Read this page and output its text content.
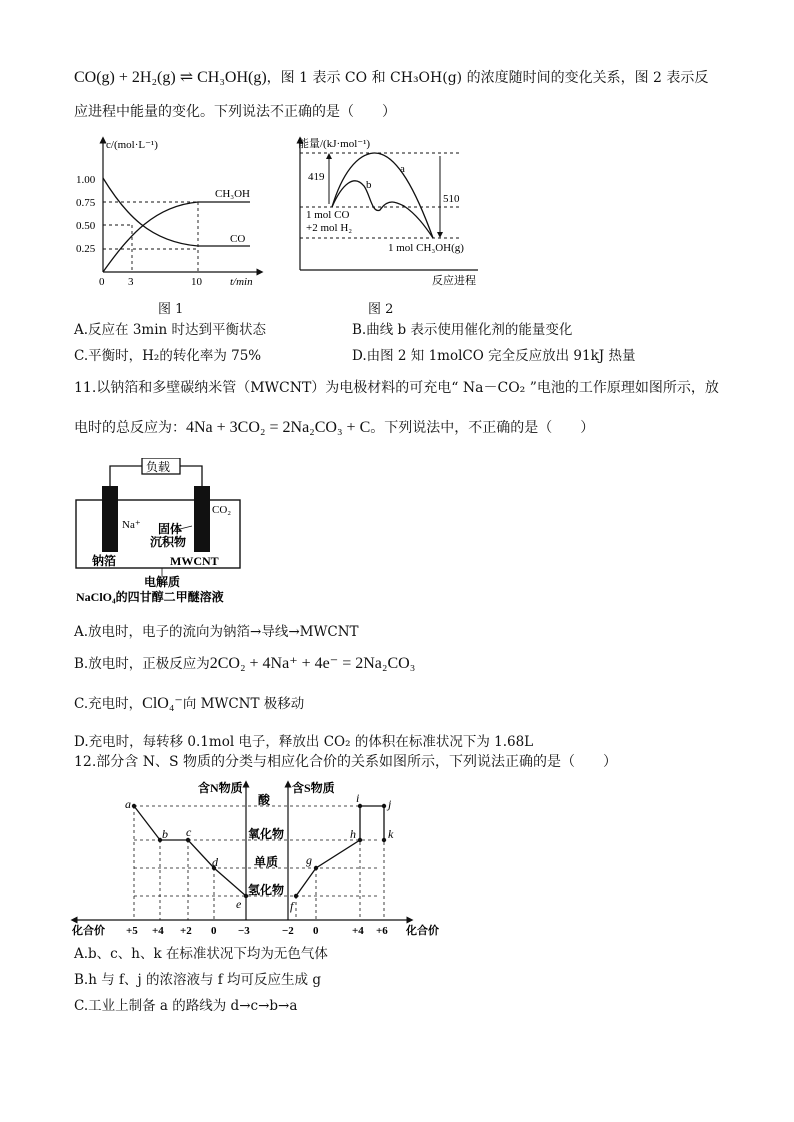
CO(g) + 2H₂(g) ⇌ CH₃OH(g)，图 1 表示 CO 和 CH₃OH(g) 的浓度随时间的变化关系，图 2 表示反
应进程中能量的变化。下列说法不正确的是（　　）
c/(mol·L⁻¹)
1.00
0.75
0.50
0.25
0 3	10	t/min
CH₃OH
CO
能量/(kJ·mol⁻¹)
419
510
a
b
1 mol CO
+2 mol H₂
1 mol CH₃OH(g)
反应进程
图 1	图 2
A.反应在 3min 时达到平衡状态	B.曲线 b 表示使用催化剂的能量变化
C.平衡时，H₂的转化率为 75%	D.由图 2 知 1molCO 完全反应放出 91kJ 热量
11.以钠箔和多壁碳纳米管（MWCNT）为电极材料的可充电“ Na－CO₂ ”电池的工作原理如图所示，放
电时的总反应为：4Na + 3CO₂ = 2Na₂CO₃ + C。下列说法中，不正确的是（　　）
负载
Na⁺
CO₂
固体
沉积物
钠箔	MWCNT
电解质
NaClO₄的四甘醇二甲醚溶液
A.放电时，电子的流向为钠箔→导线→MWCNT
B.放电时，正极反应为2CO₂ + 4Na⁺ + 4e⁻ = 2Na₂CO₃
C.充电时，ClO₄⁻向 MWCNT 极移动
D.充电时，每转移 0.1mol 电子，释放出 CO₂ 的体积在标准状况下为 1.68L
12.部分含 N、S 物质的分类与相应化合价的关系如图所示，下列说法正确的是（　　）
a
b c
d
e	f
g
h
i j
k
含N物质	含S物质
酸
氧化物
单质
氢化物
化合价 +5 +4 +2 0 −3	−2 0	+4 +6 化合价
A.b、c、h、k 在标准状况下均为无色气体
B.h 与 f、j 的浓溶液与 f 均可反应生成 g
C.工业上制备 a 的路线为 d→c→b→a
